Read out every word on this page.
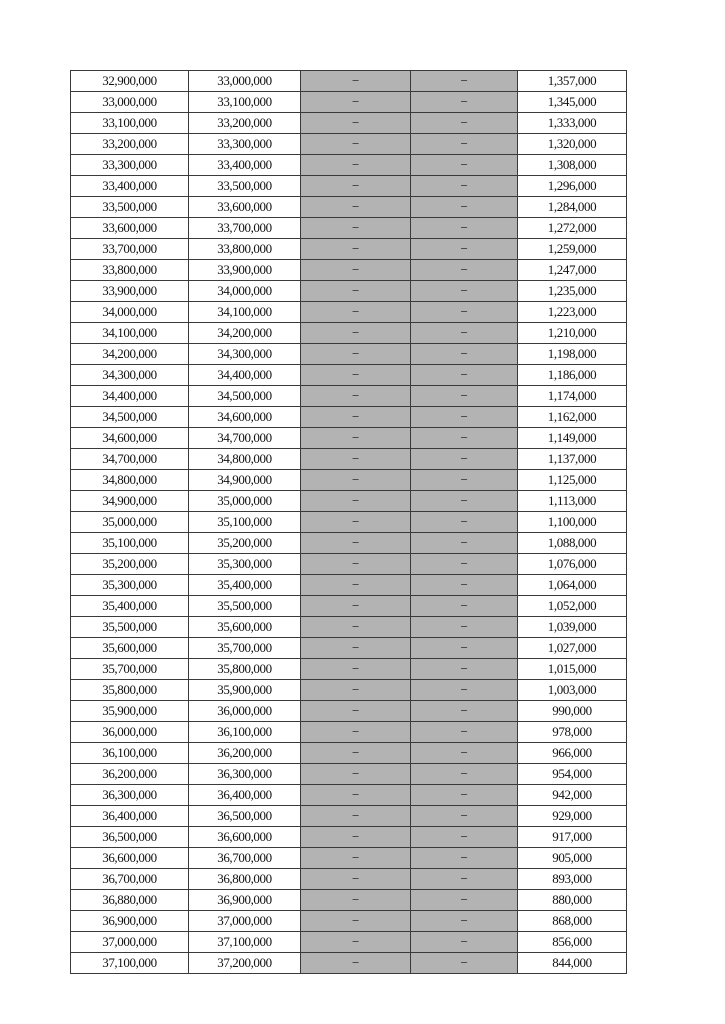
32,900,000	33,000,000	−	−	1,357,000
33,000,000	33,100,000	−	−	1,345,000
33,100,000	33,200,000	−	−	1,333,000
33,200,000	33,300,000	−	−	1,320,000
33,300,000	33,400,000	−	−	1,308,000
33,400,000	33,500,000	−	−	1,296,000
33,500,000	33,600,000	−	−	1,284,000
33,600,000	33,700,000	−	−	1,272,000
33,700,000	33,800,000	−	−	1,259,000
33,800,000	33,900,000	−	−	1,247,000
33,900,000	34,000,000	−	−	1,235,000
34,000,000	34,100,000	−	−	1,223,000
34,100,000	34,200,000	−	−	1,210,000
34,200,000	34,300,000	−	−	1,198,000
34,300,000	34,400,000	−	−	1,186,000
34,400,000	34,500,000	−	−	1,174,000
34,500,000	34,600,000	−	−	1,162,000
34,600,000	34,700,000	−	−	1,149,000
34,700,000	34,800,000	−	−	1,137,000
34,800,000	34,900,000	−	−	1,125,000
34,900,000	35,000,000	−	−	1,113,000
35,000,000	35,100,000	−	−	1,100,000
35,100,000	35,200,000	−	−	1,088,000
35,200,000	35,300,000	−	−	1,076,000
35,300,000	35,400,000	−	−	1,064,000
35,400,000	35,500,000	−	−	1,052,000
35,500,000	35,600,000	−	−	1,039,000
35,600,000	35,700,000	−	−	1,027,000
35,700,000	35,800,000	−	−	1,015,000
35,800,000	35,900,000	−	−	1,003,000
35,900,000	36,000,000	−	−	990,000
36,000,000	36,100,000	−	−	978,000
36,100,000	36,200,000	−	−	966,000
36,200,000	36,300,000	−	−	954,000
36,300,000	36,400,000	−	−	942,000
36,400,000	36,500,000	−	−	929,000
36,500,000	36,600,000	−	−	917,000
36,600,000	36,700,000	−	−	905,000
36,700,000	36,800,000	−	−	893,000
36,880,000	36,900,000	−	−	880,000
36,900,000	37,000,000	−	−	868,000
37,000,000	37,100,000	−	−	856,000
37,100,000	37,200,000	−	−	844,000
